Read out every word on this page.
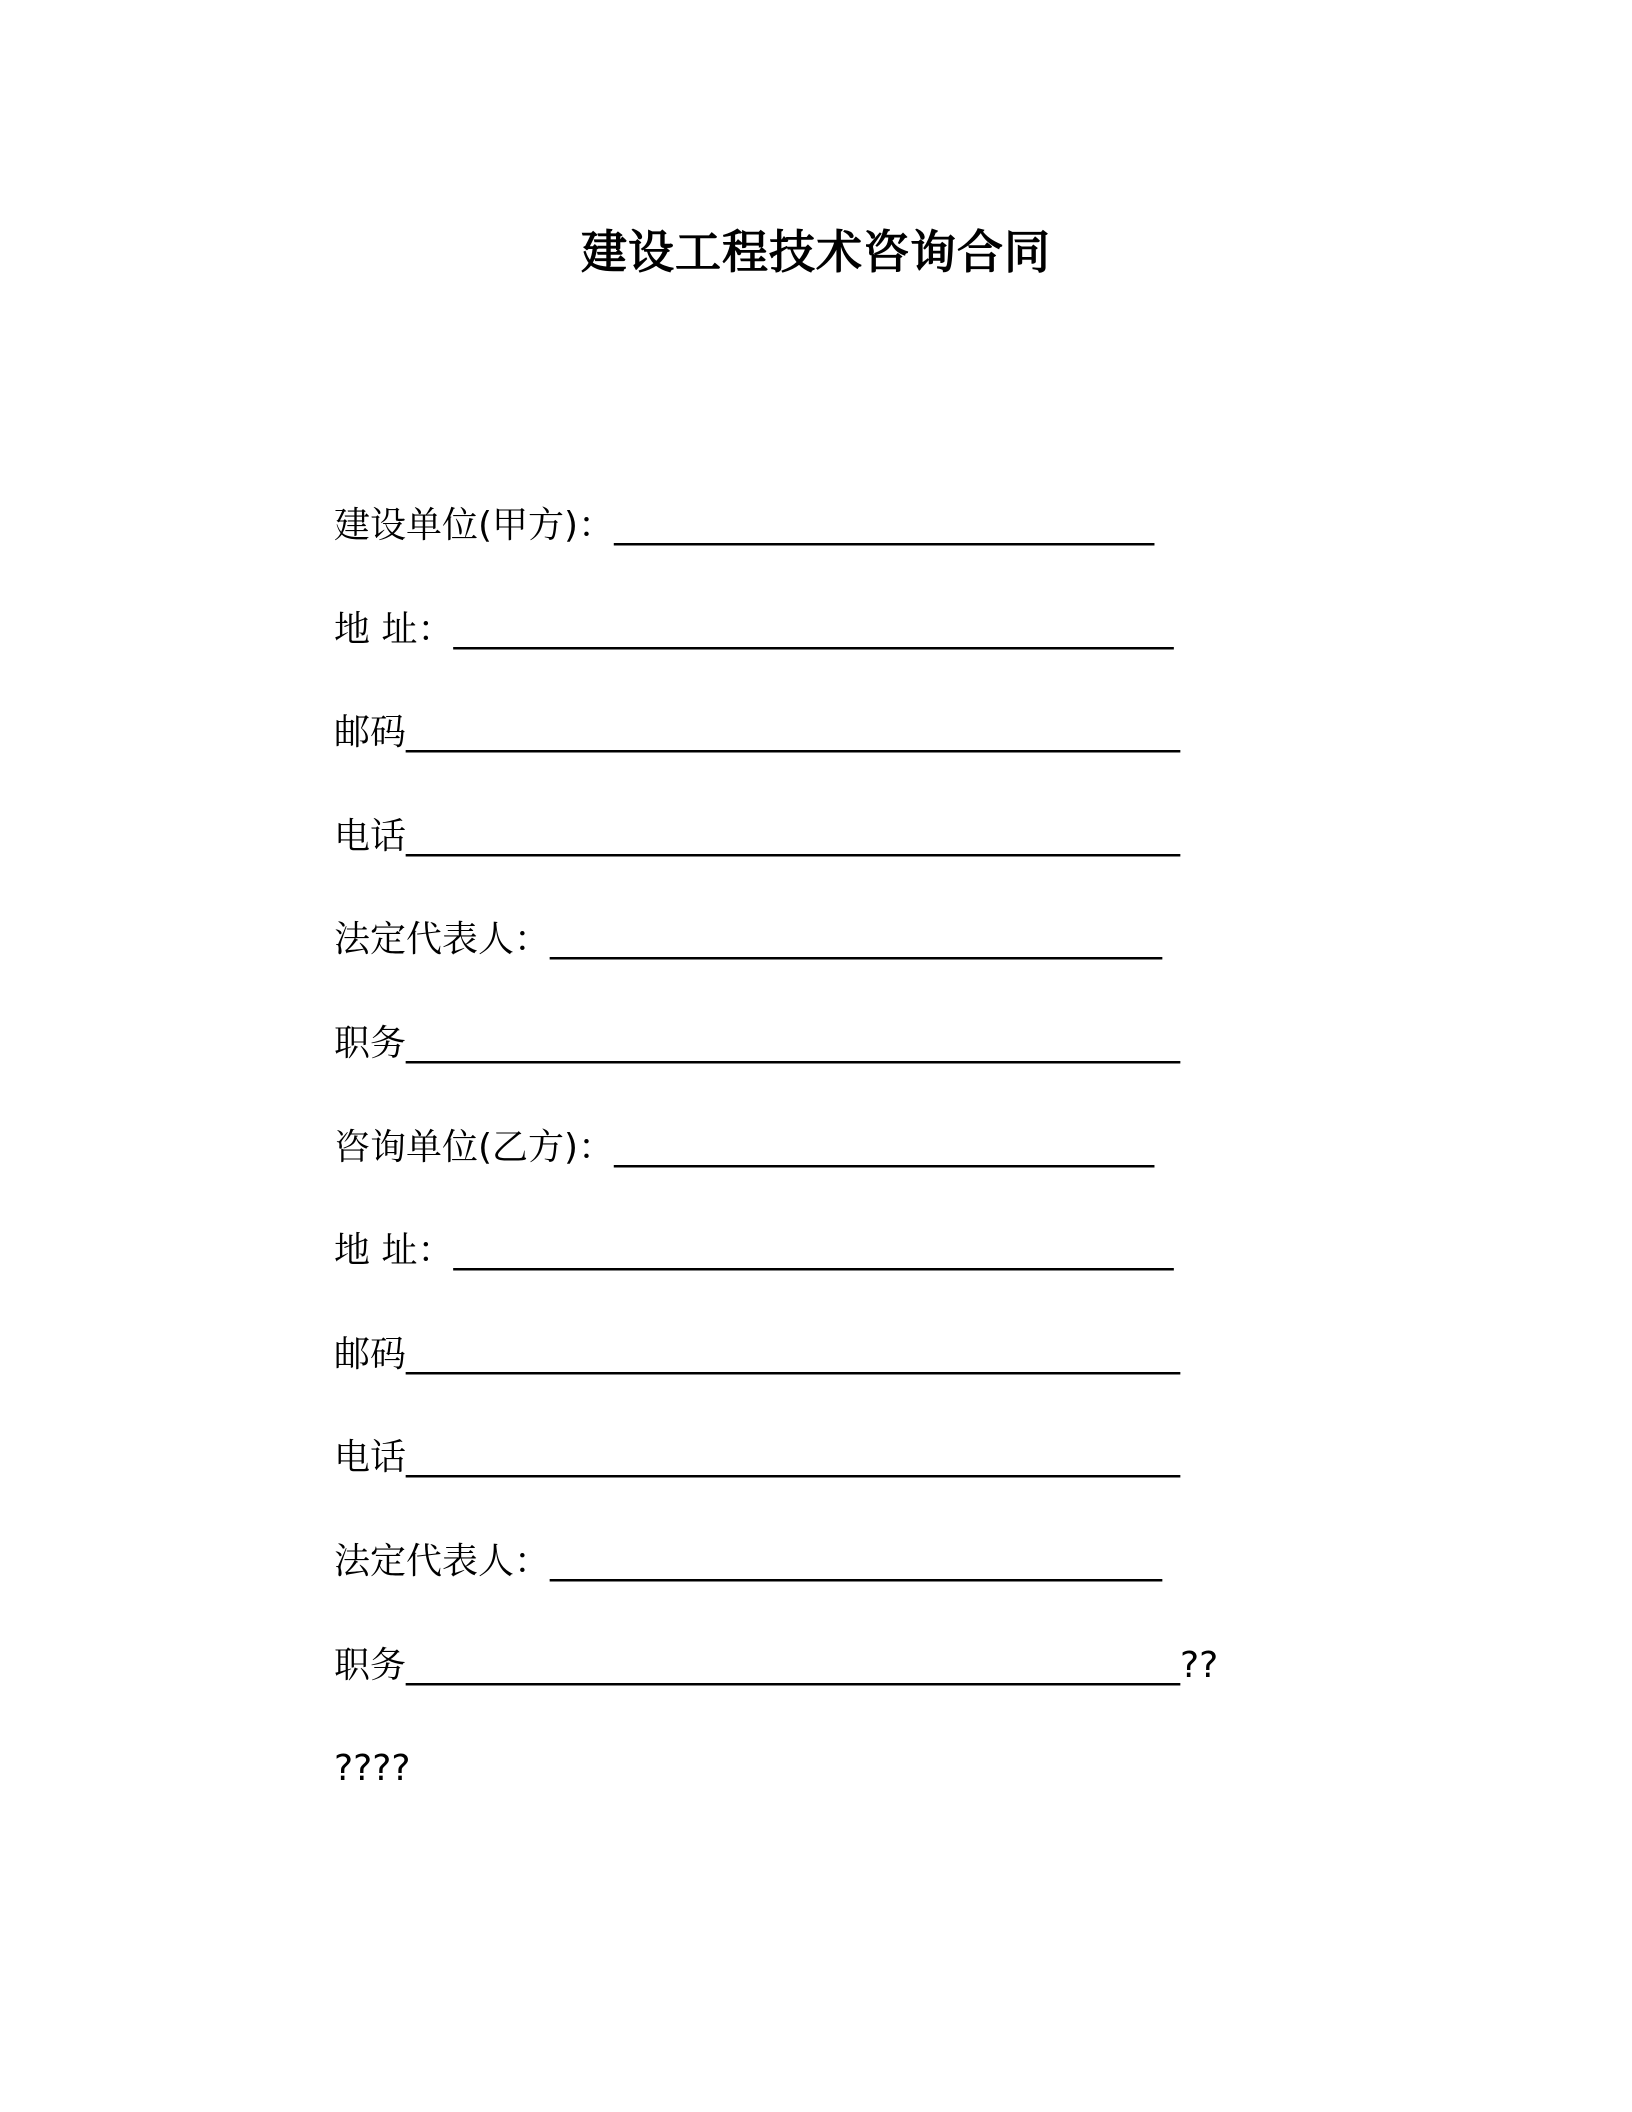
建设工程技术咨询合同
建设单位(甲方)：______________________________
地 址：________________________________________
邮码___________________________________________
电话___________________________________________
法定代表人：__________________________________
职务___________________________________________
咨询单位(乙方)：______________________________
地 址：________________________________________
邮码___________________________________________
电话___________________________________________
法定代表人：__________________________________
职务___________________________________________??
????
